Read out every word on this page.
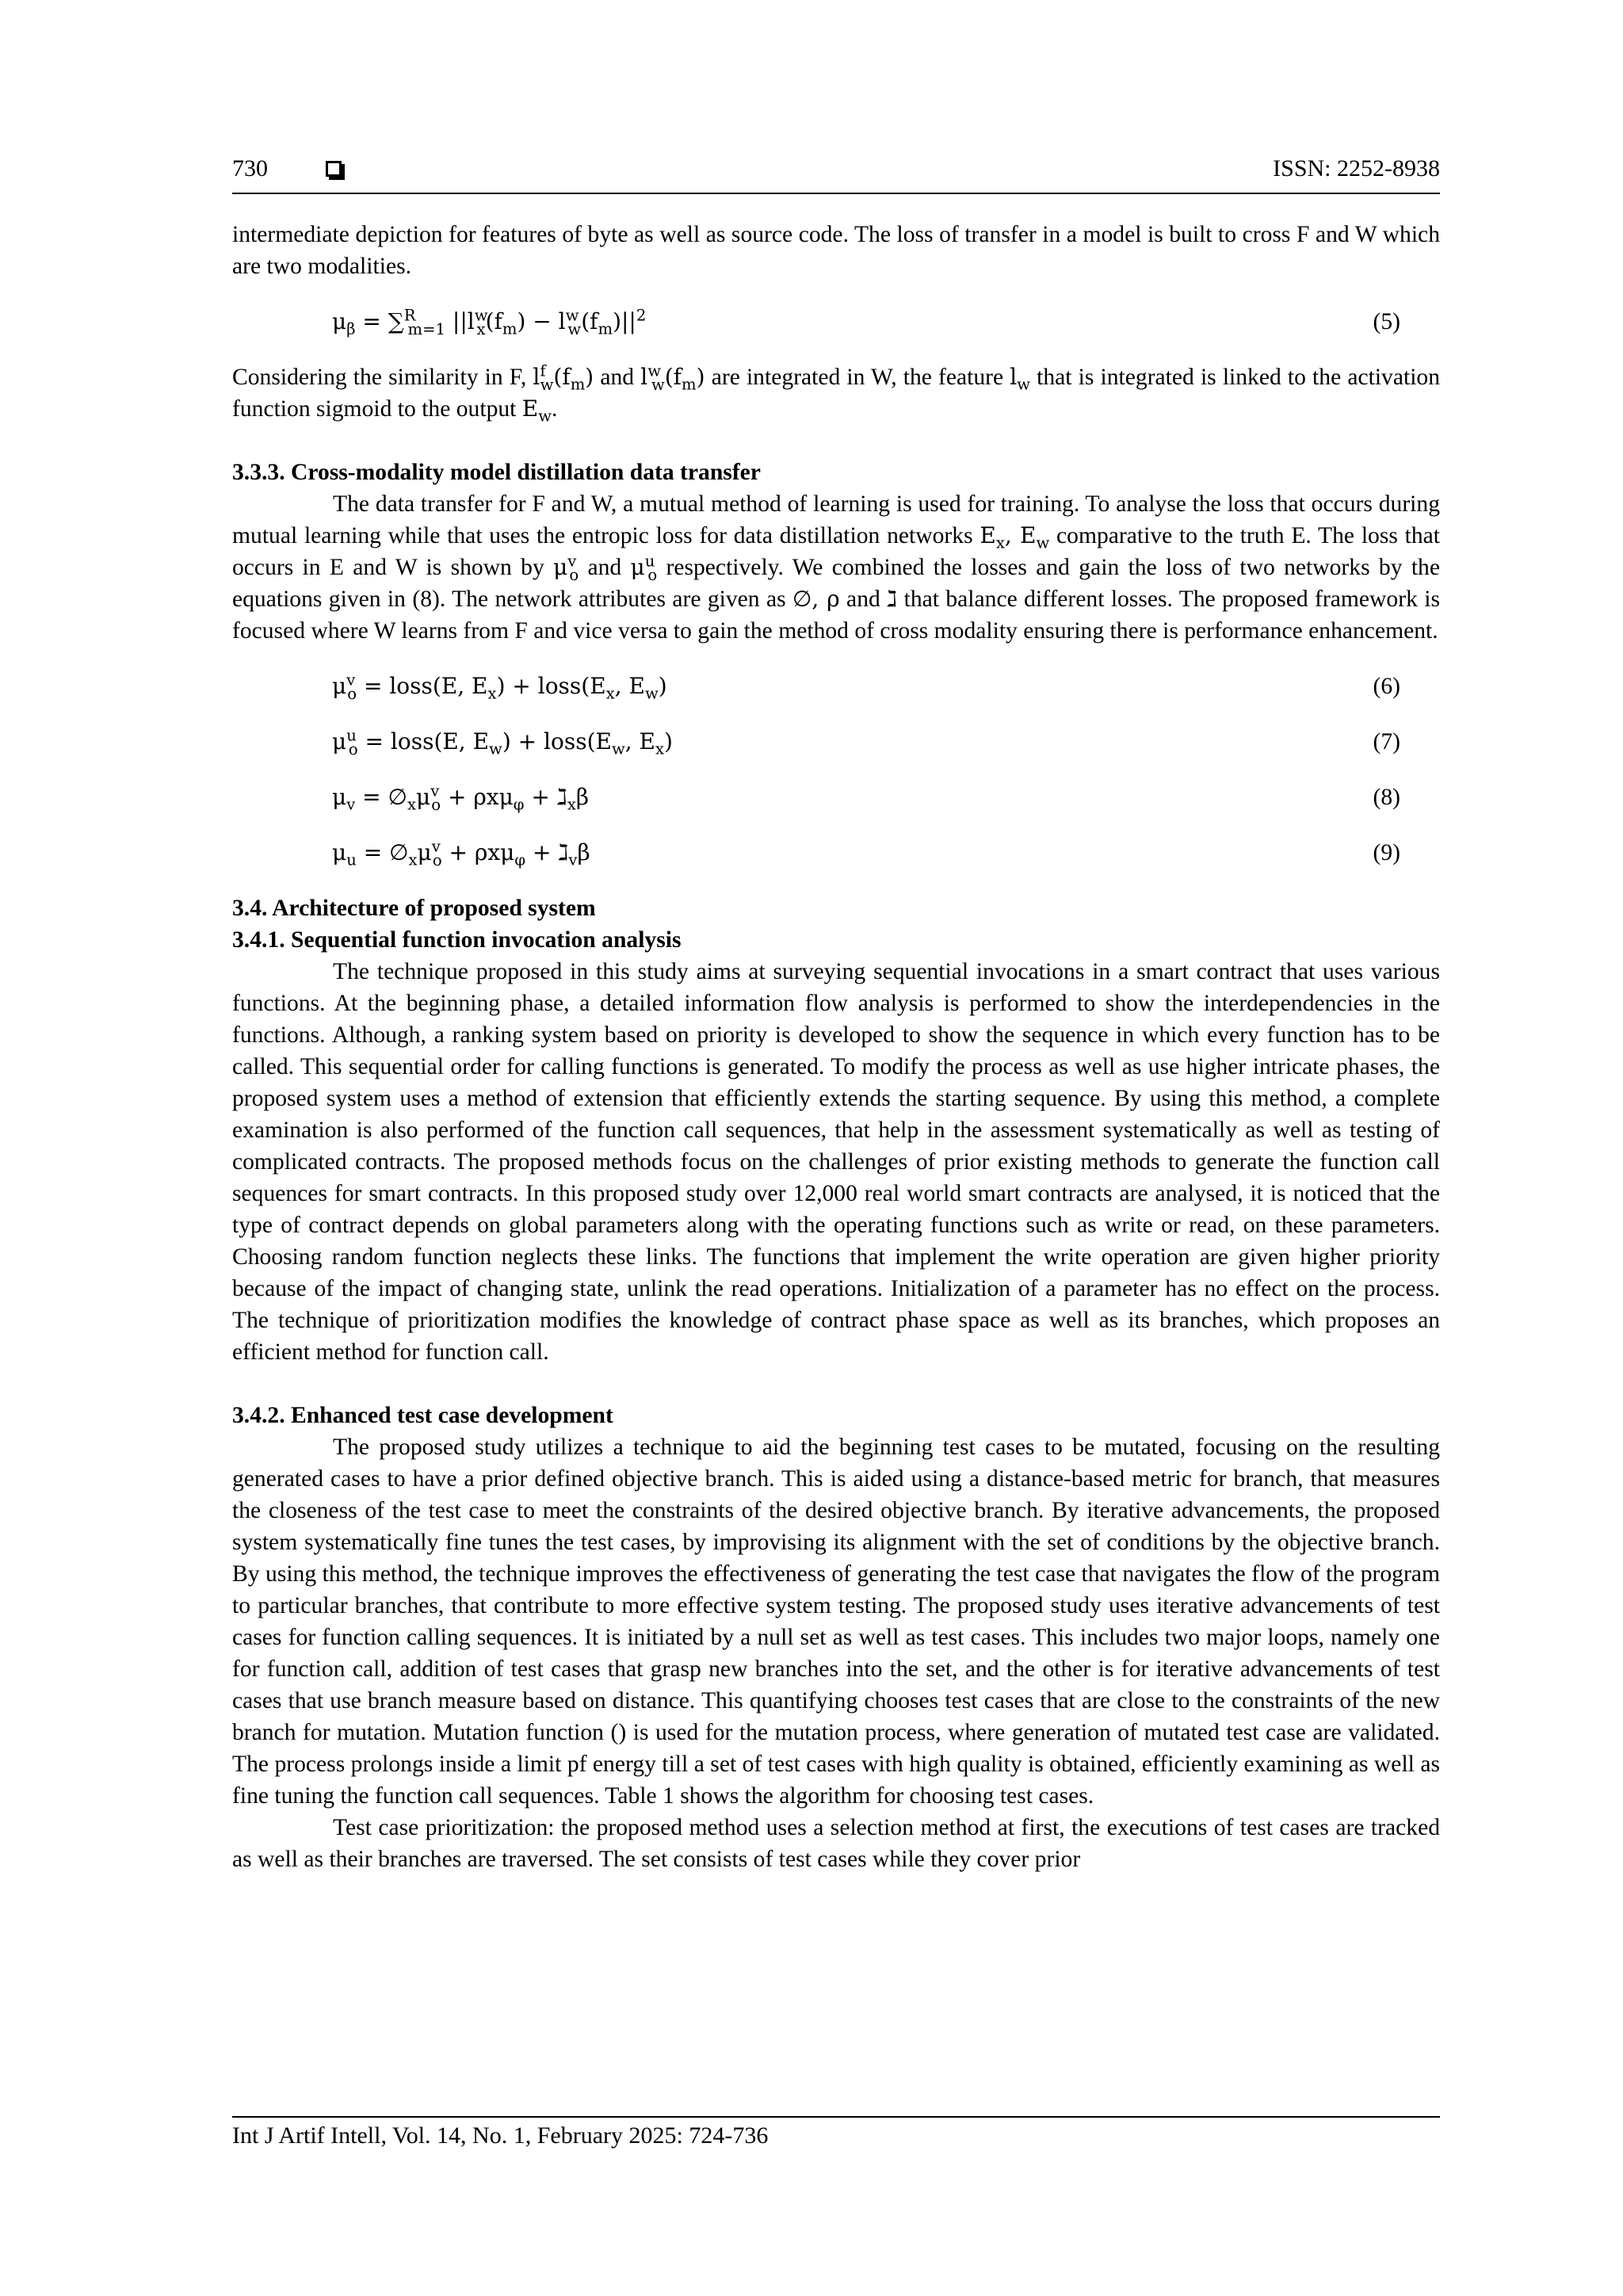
730	ISSN: 2252-8938

intermediate depiction for features of byte as well as source code. The loss of transfer in a model is built to cross F and W which are two modalities.

$\mu_\beta = \sum^R_{m=1}$ $||l^w_x(f_m) - l^w_w(f_m)||^2$	(5)

Considering the similarity in F, $l^f_w(f_m)$ and $l^w_w(f_m)$ are integrated in W, the feature $l_w$ that is integrated is linked to the activation function sigmoid to the output $E_w$.

3.3.3. Cross-modality model distillation data transfer

The data transfer for F and W, a mutual method of learning is used for training. To analyse the loss that occurs during mutual learning while that uses the entropic loss for data distillation networks $E_x$, $E_w$ comparative to the truth E. The loss that occurs in E and W is shown by $\mu^v_o$ and $\mu^u_o$ respectively. We combined the losses and gain the loss of two networks by the equations given in (8). The network attributes are given as ∅, ρ and ℷ that balance different losses. The proposed framework is focused where W learns from F and vice versa to gain the method of cross modality ensuring there is performance enhancement.

$\mu^v_o$ = loss(E, $E_x$) + $loss(E_x$, $E_w$)	(6)
$\mu^u_o$ = loss(E, $E_w$) + $loss(E_w$, $E_x$)	(7)
$\mu_v$ = $\emptyset_x\mu^v_o + \rho x\mu_\varphi$ + ℷ$_x$β	(8)
$\mu_u$ = $\emptyset_x\mu^v_o + \rho x\mu_\varphi$ + ℷ$_v$β	(9)

3.4. Architecture of proposed system

3.4.1. Sequential function invocation analysis

The technique proposed in this study aims at surveying sequential invocations in a smart contract that uses various functions. At the beginning phase, a detailed information flow analysis is performed to show the interdependencies in the functions. Although, a ranking system based on priority is developed to show the sequence in which every function has to be called. This sequential order for calling functions is generated. To modify the process as well as use higher intricate phases, the proposed system uses a method of extension that efficiently extends the starting sequence. By using this method, a complete examination is also performed of the function call sequences, that help in the assessment systematically as well as testing of complicated contracts. The proposed methods focus on the challenges of prior existing methods to generate the function call sequences for smart contracts. In this proposed study over 12,000 real world smart contracts are analysed, it is noticed that the type of contract depends on global parameters along with the operating functions such as write or read, on these parameters. Choosing random function neglects these links. The functions that implement the write operation are given higher priority because of the impact of changing state, unlink the read operations. Initialization of a parameter has no effect on the process. The technique of prioritization modifies the knowledge of contract phase space as well as its branches, which proposes an efficient method for function call.

3.4.2. Enhanced test case development

The proposed study utilizes a technique to aid the beginning test cases to be mutated, focusing on the resulting generated cases to have a prior defined objective branch. This is aided using a distance-based metric for branch, that measures the closeness of the test case to meet the constraints of the desired objective branch. By iterative advancements, the proposed system systematically fine tunes the test cases, by improvising its alignment with the set of conditions by the objective branch. By using this method, the technique improves the effectiveness of generating the test case that navigates the flow of the program to particular branches, that contribute to more effective system testing. The proposed study uses iterative advancements of test cases for function calling sequences. It is initiated by a null set as well as test cases. This includes two major loops, namely one for function call, addition of test cases that grasp new branches into the set, and the other is for iterative advancements of test cases that use branch measure based on distance. This quantifying chooses test cases that are close to the constraints of the new branch for mutation. Mutation function () is used for the mutation process, where generation of mutated test case are validated. The process prolongs inside a limit pf energy till a set of test cases with high quality is obtained, efficiently examining as well as fine tuning the function call sequences. Table 1 shows the algorithm for choosing test cases.

Test case prioritization: the proposed method uses a selection method at first, the executions of test cases are tracked as well as their branches are traversed. The set consists of test cases while they cover prior

Int J Artif Intell, Vol. 14, No. 1, February 2025: 724-736
